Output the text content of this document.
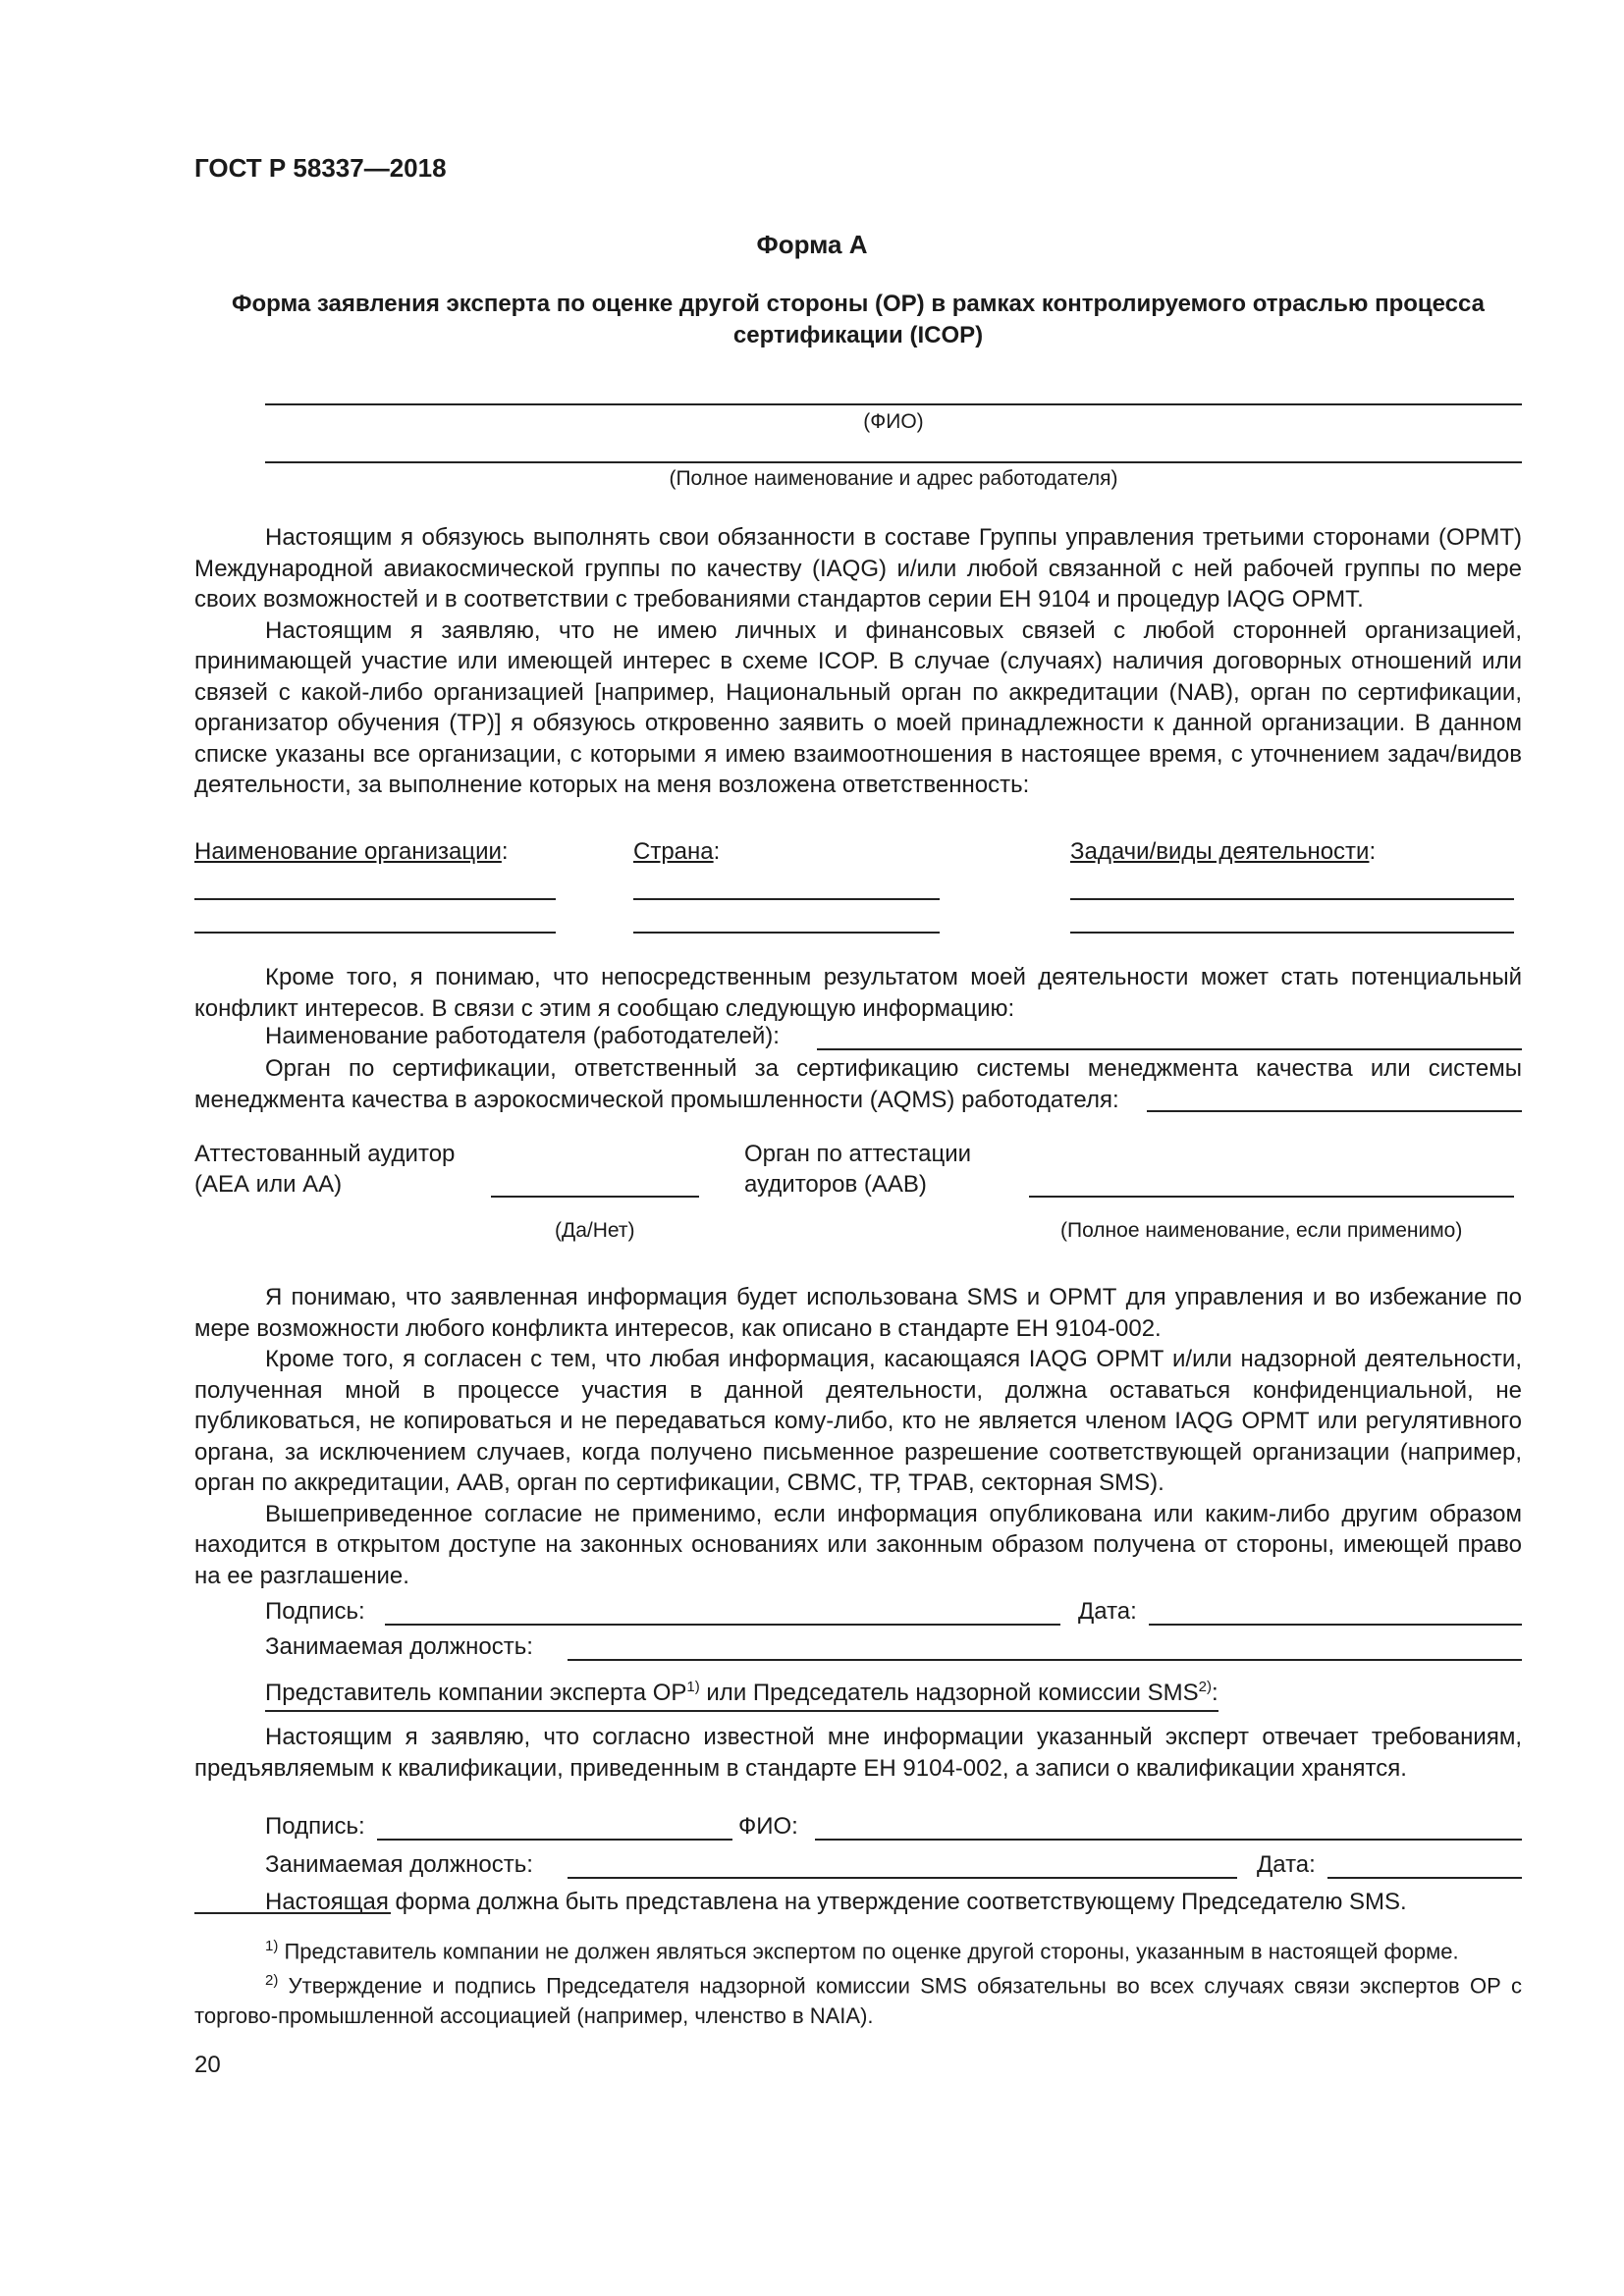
ГОСТ Р 58337—2018
Форма А
Форма заявления эксперта по оценке другой стороны (ОР) в рамках контролируемого отраслью процесса сертификации (ICOP)
(ФИО)
(Полное наименование и адрес работодателя)

Настоящим я обязуюсь выполнять свои обязанности в составе Группы управления третьими сторонами (ОРМТ) Международной авиакосмической группы по качеству (IAQG) и/или любой связанной с ней рабочей группы по мере своих возможностей и в соответствии с требованиями стандартов серии ЕН 9104 и процедур IAQG ОРМТ.

Настоящим я заявляю, что не имею личных и финансовых связей с любой сторонней организацией, принимающей участие или имеющей интерес в схеме ICOP. В случае (случаях) наличия договорных отношений или связей с какой-либо организацией [например, Национальный орган по аккредитации (NAB), орган по сертификации, организатор обучения (ТР)] я обязуюсь откровенно заявить о моей принадлежности к данной организации. В данном списке указаны все организации, с которыми я имею взаимоотношения в настоящее время, с уточнением задач/видов деятельности, за выполнение которых на меня возложена ответственность:

Наименование организации:	Страна:	Задачи/виды деятельности:

Кроме того, я понимаю, что непосредственным результатом моей деятельности может стать потенциальный конфликт интересов. В связи с этим я сообщаю следующую информацию:

Наименование работодателя (работодателей):

Орган по сертификации, ответственный за сертификацию системы менеджмента качества или системы менеджмента качества в аэрокосмической промышленности (AQMS) работодателя:

Аттестованный аудитор
(АЕА или АА)
(Да/Нет)
Орган по аттестации
аудиторов (ААВ)
(Полное наименование, если применимо)

Я понимаю, что заявленная информация будет использована SMS и ОРМТ для управления и во избежание по мере возможности любого конфликта интересов, как описано в стандарте ЕН 9104-002.

Кроме того, я согласен с тем, что любая информация, касающаяся IAQG ОРМТ и/или надзорной деятельности, полученная мной в процессе участия в данной деятельности, должна оставаться конфиденциальной, не публиковаться, не копироваться и не передаваться кому-либо, кто не является членом IAQG ОРМТ или регулятивного органа, за исключением случаев, когда получено письменное разрешение соответствующей организации (например, орган по аккредитации, ААВ, орган по сертификации, СВМС, ТР, TPAB, секторная SMS).

Вышеприведенное согласие не применимо, если информация опубликована или каким-либо другим образом находится в открытом доступе на законных основаниях или законным образом получена от стороны, имеющей право на ее разглашение.

Подпись:	Дата:
Занимаемая должность:
Представитель компании эксперта ОР$^{1)}$ или Председатель надзорной комиссии SMS$^{2)}$:

Настоящим я заявляю, что согласно известной мне информации указанный эксперт отвечает требованиям, предъявляемым к квалификации, приведенным в стандарте ЕН 9104-002, а записи о квалификации хранятся.

Подпись:	ФИО:
Занимаемая должность:	Дата:
Настоящая форма должна быть представлена на утверждение соответствующему Председателю SMS.

$^{1)}$ Представитель компании не должен являться экспертом по оценке другой стороны, указанным в настоящей форме.

$^{2)}$ Утверждение и подпись Председателя надзорной комиссии SMS обязательны во всех случаях связи экспертов ОР с торгово-промышленной ассоциацией (например, членство в NAIA).

20
